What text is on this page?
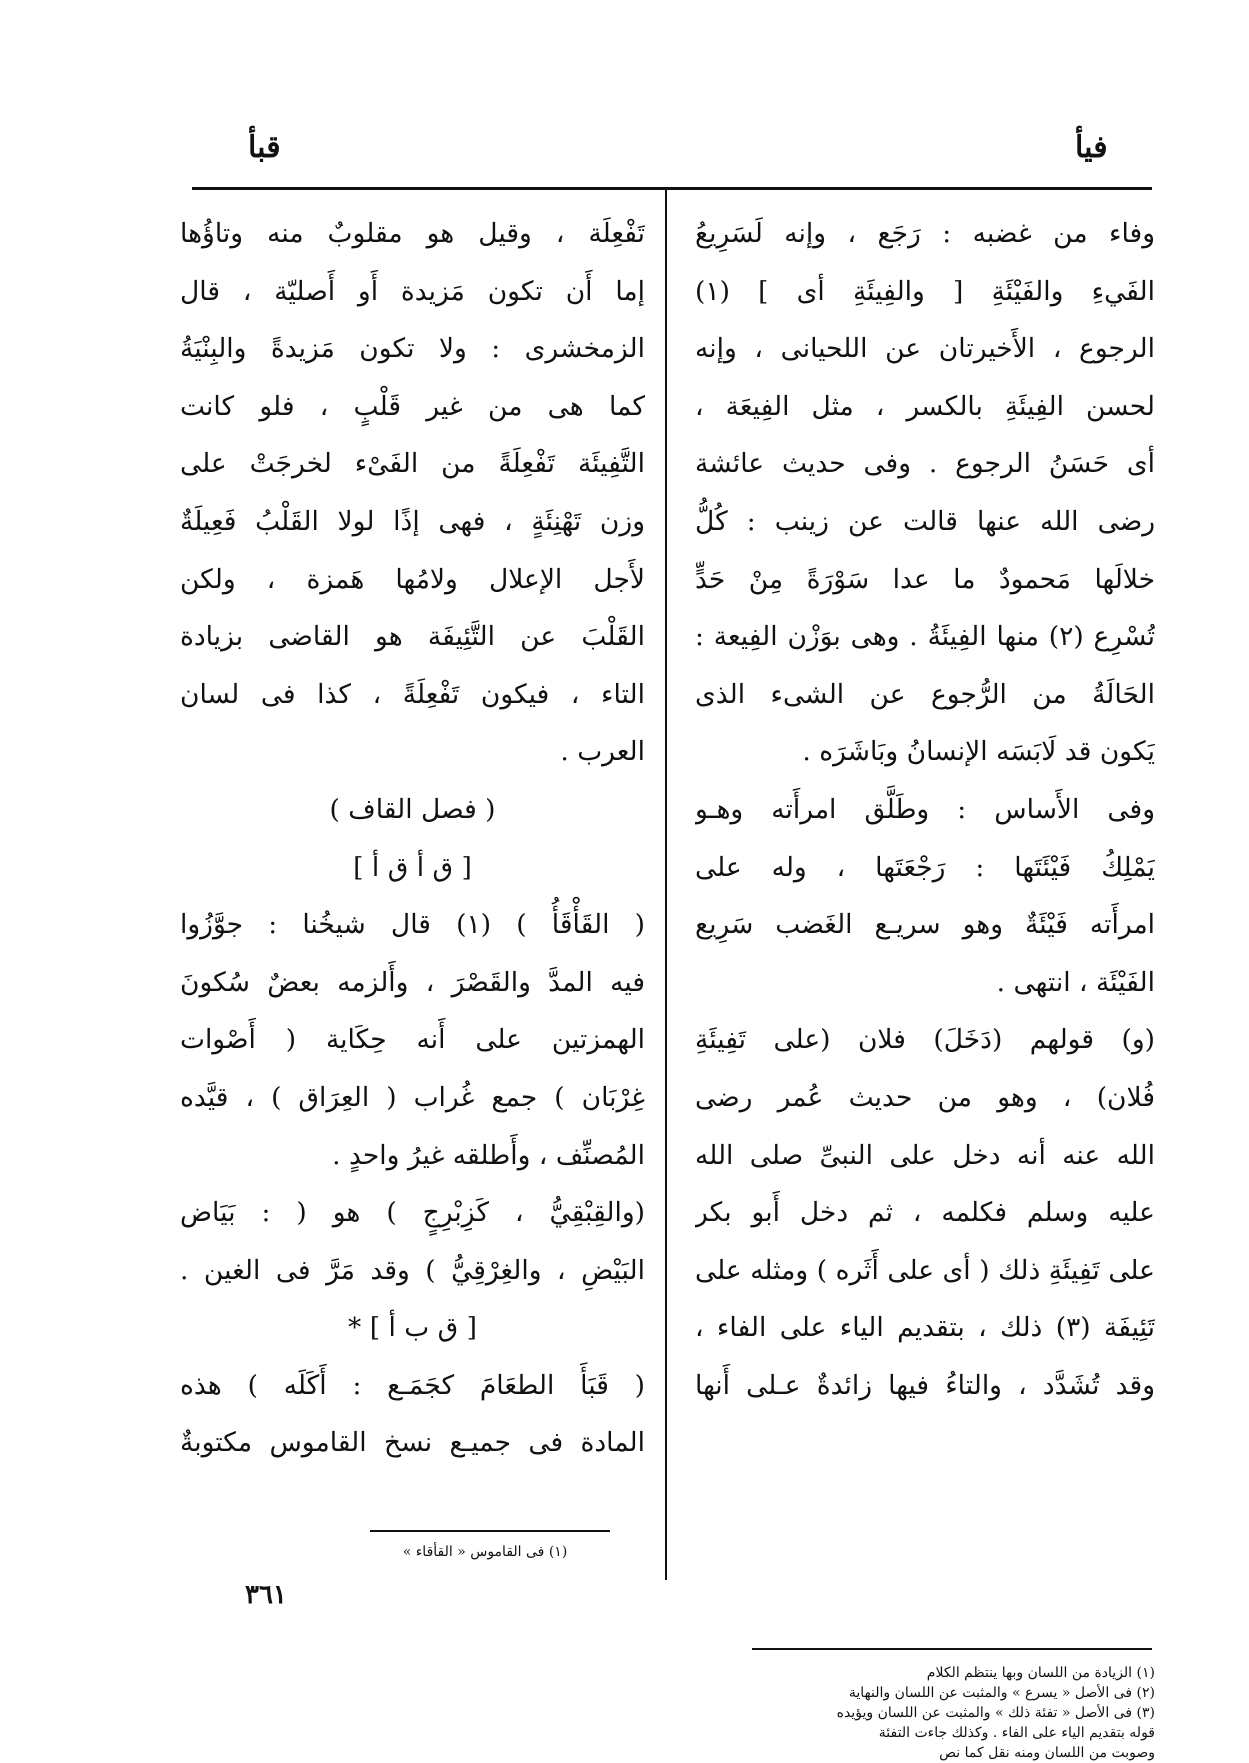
فيأ
قبأ
وفاء من غضبه : رَجَع ، وإنه لَسَرِيعُ
الفَيءِ والفَيْئَةِ [ والفِيئَةِ أى ] (١)
الرجوع ، الأَخيرتان عن اللحيانى ، وإنه
لحسن الفِيئَةِ بالكسر ، مثل الفِيعَة ،
أى حَسَنُ الرجوع . وفى حديث عائشة
رضى الله عنها قالت عن زينب : كُلُّ
خلالَها مَحمودٌ ما عدا سَوْرَةً مِنْ حَدٍّ
تُسْرِع (٢) منها الفِيئَةُ . وهى بوَزْن الفِيعة :
الحَالَةُ من الرُّجوع عن الشىء الذى
يَكون قد لَابَسَه الإنسانُ وبَاشَرَه .
وفى الأَساس : وطَلَّق امرأَته وهـو
يَمْلِكُ فَيْئَتَها : رَجْعَتَها ، وله على
امرأَته فَيْئَةٌ وهو سريـع الغَضب سَرِيع
الفَيْئَة ، انتهى .
(و) قولهم (دَخَلَ) فلان (على تَفِيئَةِ
فُلان) ، وهو من حديث عُمر رضى
الله عنه أنه دخل على النبىِّ صلى الله
عليه وسلم فكلمه ، ثم دخل أَبو بكر
على تَفِيئَةِ ذلك ( أى على أَثَره ) ومثله على
تَئِيفَة (٣) ذلك ، بتقديم الياء على الفاء ،
وقد تُشَدَّد ، والتاءُ فيها زائدةٌ عـلى أَنها
تَفْعِلَة ، وقيل هو مقلوبٌ منه وتاؤُها
إما أَن تكون مَزيدة أَو أَصليّة ، قال
الزمخشرى : ولا تكون مَزيدةً والبِنْيَةُ
كما هى من غير قَلْبٍ ، فلو كانت
التَّفِيئَة تَفْعِلَةً من الفَىْء لخرجَتْ على
وزن تَهْنِئَةٍ ، فهى إذًا لولا القَلْبُ فَعِيلَةٌ
لأَجل الإعلال ولامُها هَمزة ، ولكن
القَلْبَ عن التَّئِيفَة هو القاضى بزيادة
التاء ، فيكون تَفْعِلَةً ، كذا فى لسان
العرب .
( فصل القاف )
[ ق أ ق أ ]
( القَأْقَأُ ) (١) قال شيخُنا : جوَّزُوا
فيه المدَّ والقَصْرَ ، وأَلزمه بعضٌ سُكونَ
الهمزتين على أَنه حِكَاية ( أَصْوات
غِرْبَان ) جمع غُراب ( العِرَاق ) ، قيَّده
المُصنِّف ، وأَطلقه غيرُ واحدٍ .
(والقِبْقِيُّ ، كَزِبْرِجٍ ) هو ( : بَيَاض
البَيْضِ ، والغِرْقِيُّ ) وقد مَرَّ فى الغين .
[ ق ب أ ] *
( قَبَأَ الطعَامَ كجَمَـع : أَكَلَه ) هذه
المادة فى جميـع نسخ القاموس مكتوبةٌ
(١) الزيادة من اللسان وبها ينتظم الكلام
(٢) فى الأصل « يسرع » والمثبت عن اللسان والنهاية
(٣) فى الأصل « تفئة ذلك » والمثبت عن اللسان ويؤيده
قوله بتقديم الياء على الفاء . وكذلك جاءت التفئة
وصوبت من اللسان ومنه نقل كما نص
(١) فى القاموس « القأقاء »
٣٦١
